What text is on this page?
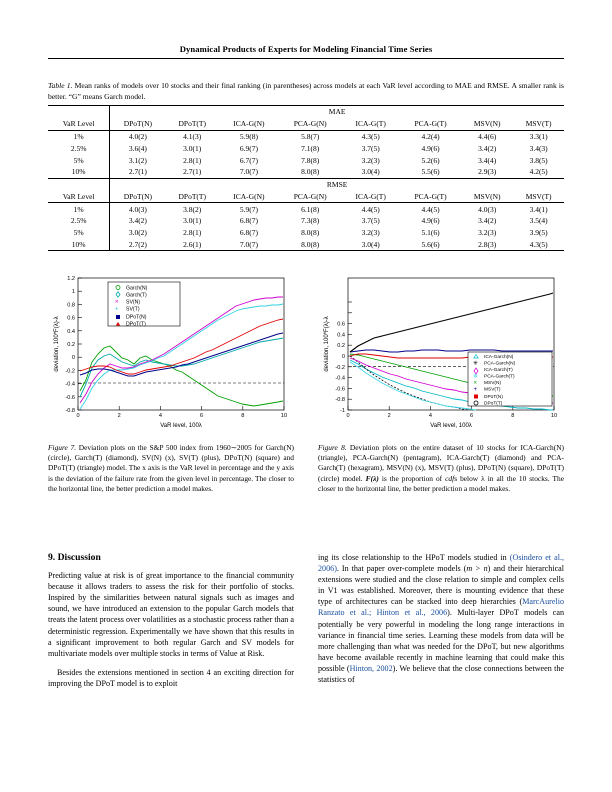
Dynamical Products of Experts for Modeling Financial Time Series
Table 1. Mean ranks of models over 10 stocks and their final ranking (in parentheses) across models at each VaR level according to MAE and RMSE. A smaller rank is better. “G” means Garch model.
	MAE							
VaR Level	DPoT(N)	DPoT(T)	ICA-G(N)	PCA-G(N)	ICA-G(T)	PCA-G(T)	MSV(N)	MSV(T)
1%	4.0(2)	4.1(3)	5.9(8)	5.8(7)	4.3(5)	4.2(4)	4.4(6)	3.3(1)
2.5%	3.6(4)	3.0(1)	6.9(7)	7.1(8)	3.7(5)	4.9(6)	3.4(2)	3.4(3)
5%	3.1(2)	2.8(1)	6.7(7)	7.8(8)	3.2(3)	5.2(6)	3.4(4)	3.8(5)
10%	2.7(1)	2.7(1)	7.0(7)	8.0(8)	3.0(4)	5.5(6)	2.9(3)	4.2(5)
	RMSE							
VaR Level	DPoT(N)	DPoT(T)	ICA-G(N)	PCA-G(N)	ICA-G(T)	PCA-G(T)	MSV(N)	MSV(T)
1%	4.0(3)	3.8(2)	5.9(7)	6.1(8)	4.4(5)	4.4(5)	4.0(3)	3.4(1)
2.5%	3.4(2)	3.0(1)	6.8(7)	7.3(8)	3.7(5)	4.9(6)	3.4(2)	3.5(4)
5%	3.0(2)	2.8(1)	6.8(7)	8.0(8)	3.2(3)	5.1(6)	3.2(3)	3.9(5)
10%	2.7(2)	2.6(1)	7.0(7)	8.0(8)	3.0(4)	5.6(6)	2.8(3)	4.3(5)
0	2	4	6	8	10
-0.8
-0.6
-0.4
-0.2
0
0.2
0.4
0.6
0.8
1
1.2
VaR level, 100λ
deviation, 100*F(λ)-λ
Garch(N)
Garch(T)
× SV(N)
+ SV(T)
DPoT(N)
DPoT(T)
Figure 7. Deviation plots on the S&P 500 index from 1960∼2005 for Garch(N) (circle), Garch(T) (diamond), SV(N) (x), SV(T) (plus), DPoT(N) (square) and DPoT(T) (triangle) model. The x axis is the VaR level in percentage and the y axis is the deviation of the failure rate from the given level in percentage. The closer to the horizontal line, the better prediction a model makes.
0	2	4	6	8	10
-1
-0.8
-0.6
-0.4
-0.2
0
0.2
0.4
0.6
VaR level, 100λ
deviation, 100*F(λ)-λ	ICA-Garch(N)
✳ PCA-Garch(N)
ICA-Garch(T)
✵ PCA-Garch(T)
× MSV(N)
+ MSV(T)
DPoT(N)
DPoT(T)
Figure 8. Deviation plots on the entire dataset of 10 stocks for ICA-Garch(N) (triangle), PCA-Garch(N) (pentagram), ICA-Garch(T) (diamond) and PCA-Garch(T) (hexagram), MSV(N) (x), MSV(T) (plus), DPoT(N) (square), DPoT(T) (circle) model. F(λ) is the proportion of cdfs below λ in all the 10 stocks. The closer to the horizontal line, the better prediction a model makes.
9. Discussion

Predicting value at risk is of great importance to the financial community because it allows traders to assess the risk for their portfolio of stocks. Inspired by the similarities between natural signals such as images and sound, we have introduced an extension to the popular Garch models that treats the latent process over volatilities as a stochastic process rather than a deterministic regression. Experimentally we have shown that this results in a significant improvement to both regular Garch and SV models for multivariate models over multiple stocks in terms of Value at Risk.

Besides the extensions mentioned in section 4 an exciting direction for improving the DPoT model is to exploit

ing its close relationship to the HPoT models studied in (Osindero et al., 2006). In that paper over-complete models (m > n) and their hierarchical extensions were studied and the close relation to simple and complex cells in V1 was established. Moreover, there is mounting evidence that these type of architectures can be stacked into deep hierarchies (MarcAurelio Ranzato et al.; Hinton et al., 2006). Multi-layer DPoT models can potentially be very powerful in modeling the long range interactions in variance in financial time series. Learning these models from data will be more challenging than what was needed for the DPoT, but new algorithms have become available recently in machine learning that could make this possible (Hinton, 2002). We believe that the close connections between the statistics of
